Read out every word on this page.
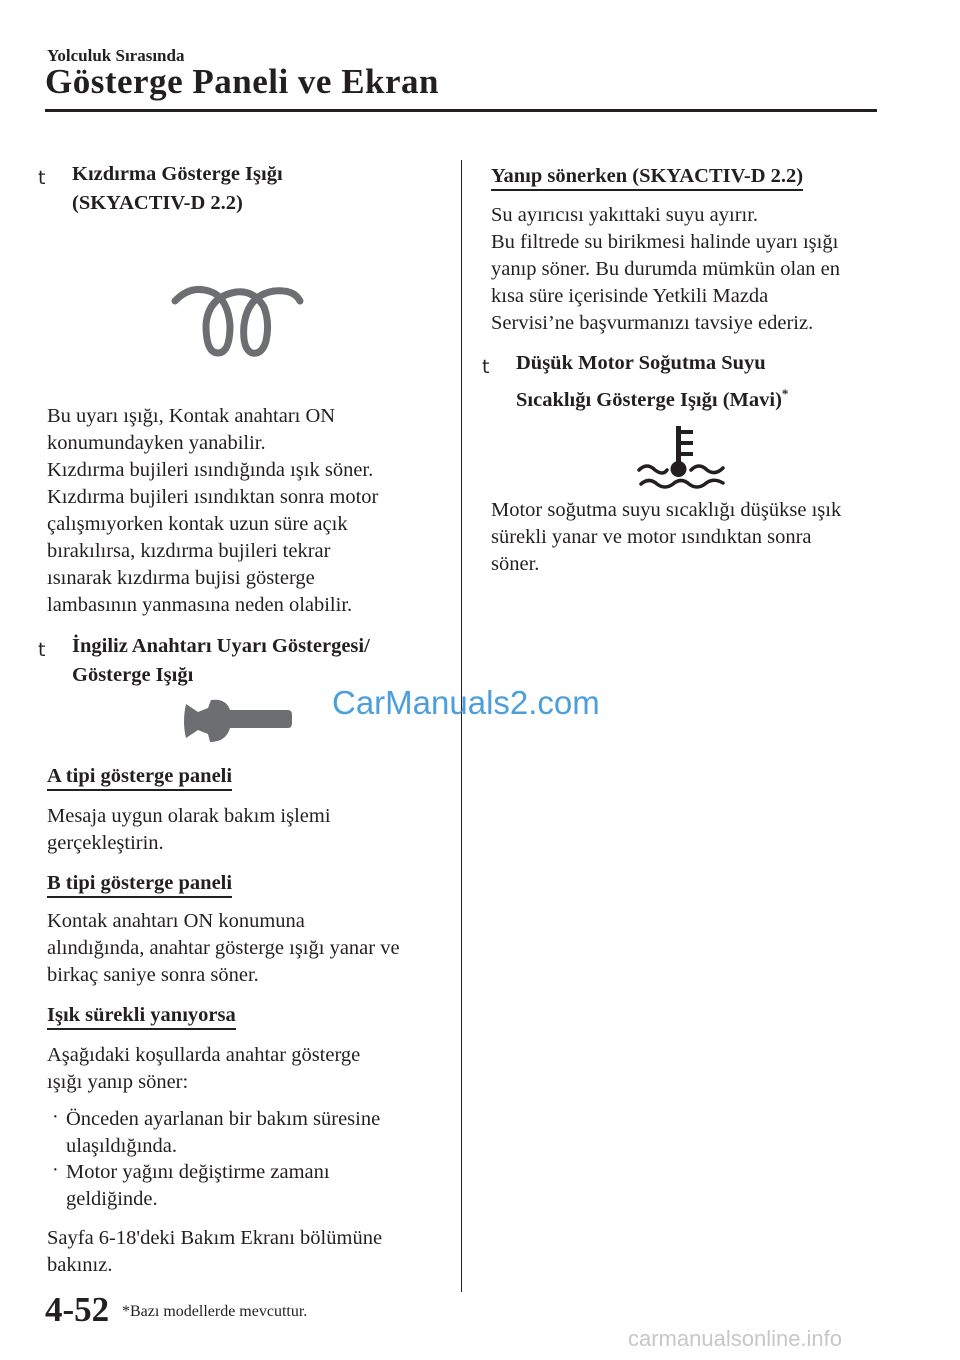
Yolculuk Sırasında
Gösterge Paneli ve Ekran
t Kızdırma Gösterge Işığı
(SKYACTIV-D 2.2)
Bu uyarı ışığı, Kontak anahtarı ON
konumundayken yanabilir.
Kızdırma bujileri ısındığında ışık söner.
Kızdırma bujileri ısındıktan sonra motor
çalışmıyorken kontak uzun süre açık
bırakılırsa, kızdırma bujileri tekrar
ısınarak kızdırma bujisi gösterge
lambasının yanmasına neden olabilir.
t İngiliz Anahtarı Uyarı Göstergesi/
Gösterge Işığı
A tipi gösterge paneli
Mesaja uygun olarak bakım işlemi
gerçekleştirin.
B tipi gösterge paneli
Kontak anahtarı ON konumuna
alındığında, anahtar gösterge ışığı yanar ve
birkaç saniye sonra söner.
Işık sürekli yanıyorsa
Aşağıdaki koşullarda anahtar gösterge
ışığı yanıp söner:
· Önceden ayarlanan bir bakım süresine
ulaşıldığında.
· Motor yağını değiştirme zamanı
geldiğinde.
Sayfa 6-18'deki Bakım Ekranı bölümüne
bakınız.
Yanıp sönerken (SKYACTIV-D 2.2)
Su ayırıcısı yakıttaki suyu ayırır.
Bu filtrede su birikmesi halinde uyarı ışığı
yanıp söner. Bu durumda mümkün olan en
kısa süre içerisinde Yetkili Mazda
Servisi’ne başvurmanızı tavsiye ederiz.
t Düşük Motor Soğutma Suyu
Sıcaklığı Gösterge Işığı (Mavi)*
Motor soğutma suyu sıcaklığı düşükse ışık
sürekli yanar ve motor ısındıktan sonra
söner.
CarManuals2.com
4-52 *Bazı modellerde mevcuttur.
carmanualsonline.info
